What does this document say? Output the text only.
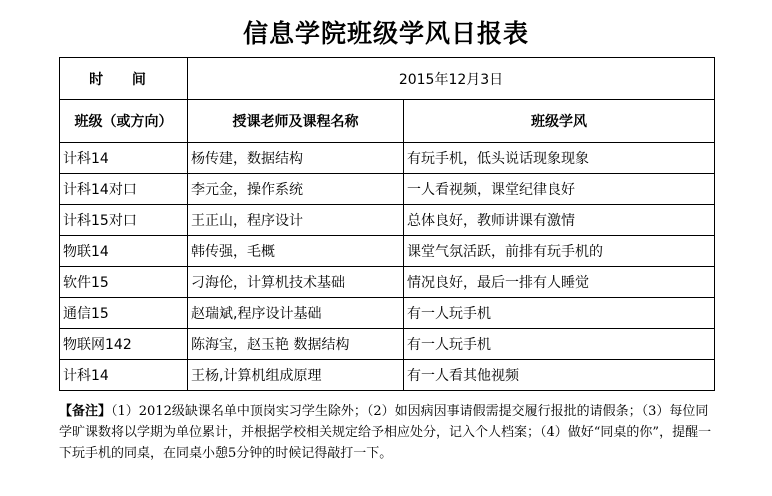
信息学院班级学风日报表
时 间	2015年12月3日	
班级（或方向）	授课老师及课程名称	班级学风
计科14	杨传建，数据结构	有玩手机，低头说话现象现象
计科14对口	李元金，操作系统	一人看视频，课堂纪律良好
计科15对口	王正山，程序设计	总体良好，教师讲课有激情
物联14	韩传强，毛概	课堂气氛活跃，前排有玩手机的
软件15	刁海伦，计算机技术基础	情况良好，最后一排有人睡觉
通信15	赵瑞斌,程序设计基础	有一人玩手机
物联网142	陈海宝，赵玉艳 数据结构	有一人玩手机
计科14	王杨,计算机组成原理	有一人看其他视频
【备注】（1）2012级缺课名单中顶岗实习学生除外；（2）如因病因事请假需提交履行报批的请假条；（3）每位同学旷课数将以学期为单位累计，并根据学校相关规定给予相应处分，记入个人档案；（4）做好“同桌的你”，提醒一下玩手机的同桌，在同桌小憩5分钟的时候记得敲打一下。
